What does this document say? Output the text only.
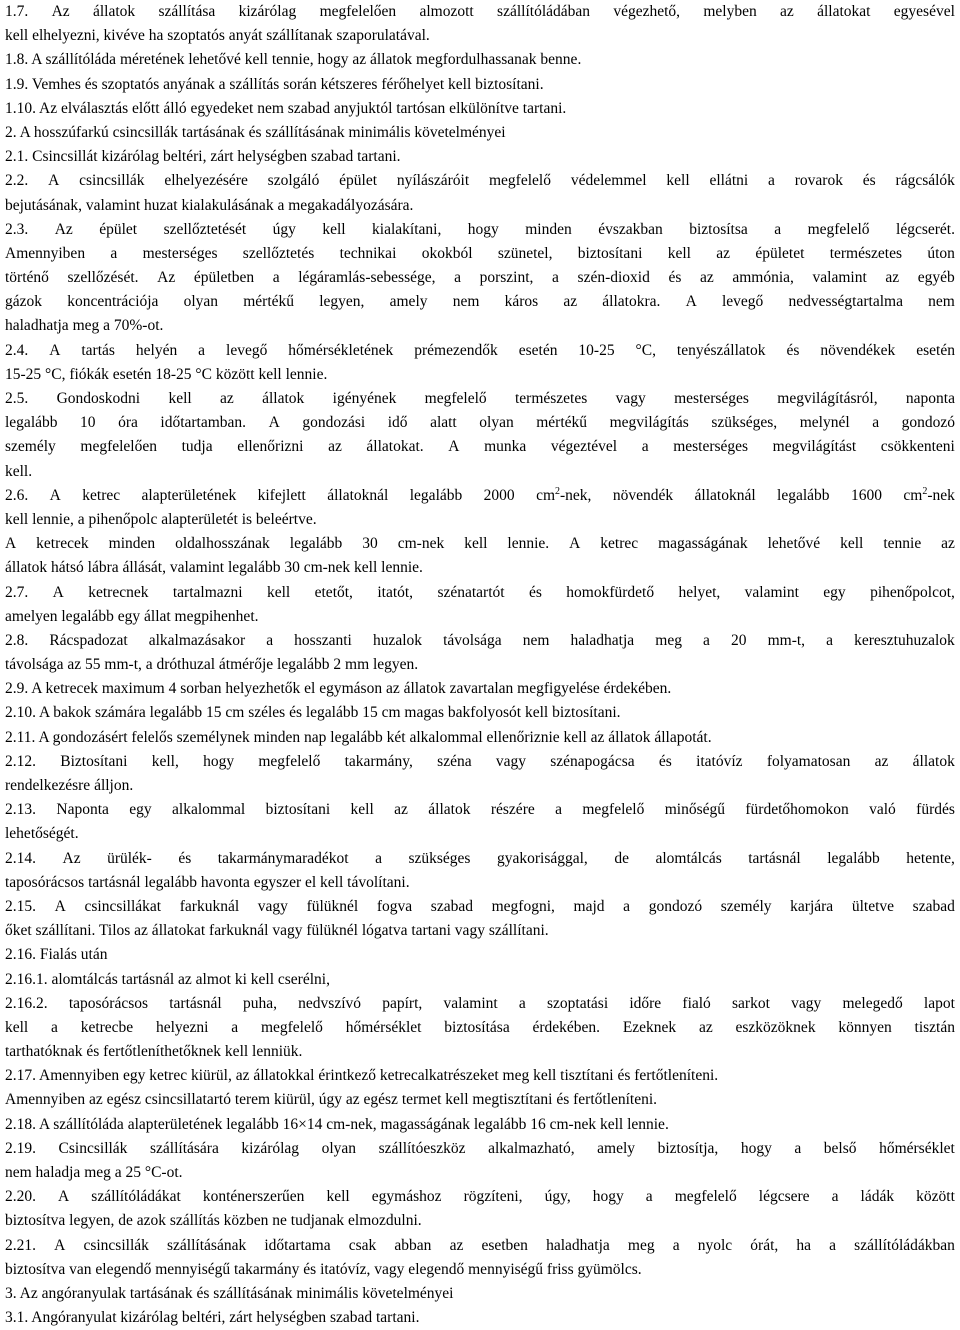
1.7. Az állatok szállítása kizárólag megfelelően almozott szállítóládában végezhető, melyben az állatokat egyesével
kell elhelyezni, kivéve ha szoptatós anyát szállítanak szaporulatával.
1.8. A szállítóláda méretének lehetővé kell tennie, hogy az állatok megfordulhassanak benne.
1.9. Vemhes és szoptatós anyának a szállítás során kétszeres férőhelyet kell biztosítani.
1.10. Az elválasztás előtt álló egyedeket nem szabad anyjuktól tartósan elkülönítve tartani.
2. A hosszúfarkú csincsillák tartásának és szállításának minimális követelményei
2.1. Csincsillát kizárólag beltéri, zárt helységben szabad tartani.
2.2. A csincsillák elhelyezésére szolgáló épület nyílászáróit megfelelő védelemmel kell ellátni a rovarok és rágcsálók
bejutásának, valamint huzat kialakulásának a megakadályozására.
2.3. Az épület szellőztetését úgy kell kialakítani, hogy minden évszakban biztosítsa a megfelelő légcserét.
Amennyiben a mesterséges szellőztetés technikai okokból szünetel, biztosítani kell az épületet természetes úton
történő szellőzését. Az épületben a légáramlás-sebessége, a porszint, a szén-dioxid és az ammónia, valamint az egyéb
gázok koncentrációja olyan mértékű legyen, amely nem káros az állatokra. A levegő nedvességtartalma nem
haladhatja meg a 70%-ot.
2.4. A tartás helyén a levegő hőmérsékletének prémezendők esetén 10-25 °C, tenyészállatok és növendékek esetén
15-25 °C, fiókák esetén 18-25 °C között kell lennie.
2.5. Gondoskodni kell az állatok igényének megfelelő természetes vagy mesterséges megvilágításról, naponta
legalább 10 óra időtartamban. A gondozási idő alatt olyan mértékű megvilágítás szükséges, melynél a gondozó
személy megfelelően tudja ellenőrizni az állatokat. A munka végeztével a mesterséges megvilágítást csökkenteni
kell.
2.6. A ketrec alapterületének kifejlett állatoknál legalább 2000 $cm^2$-nek, növendék állatoknál legalább 1600 $cm^2$-nek
kell lennie, a pihenőpolc alapterületét is beleértve.
A ketrecek minden oldalhosszának legalább 30 cm-nek kell lennie. A ketrec magasságának lehetővé kell tennie az
állatok hátsó lábra állását, valamint legalább 30 cm-nek kell lennie.
2.7. A ketrecnek tartalmazni kell etetőt, itatót, szénatartót és homokfürdető helyet, valamint egy pihenőpolcot,
amelyen legalább egy állat megpihenhet.
2.8. Rácspadozat alkalmazásakor a hosszanti huzalok távolsága nem haladhatja meg a 20 mm-t, a keresztuhuzalok
távolsága az 55 mm-t, a dróthuzal átmérője legalább 2 mm legyen.
2.9. A ketrecek maximum 4 sorban helyezhetők el egymáson az állatok zavartalan megfigyelése érdekében.
2.10. A bakok számára legalább 15 cm széles és legalább 15 cm magas bakfolyosót kell biztosítani.
2.11. A gondozásért felelős személynek minden nap legalább két alkalommal ellenőriznie kell az állatok állapotát.
2.12. Biztosítani kell, hogy megfelelő takarmány, széna vagy szénapogácsa és itatóvíz folyamatosan az állatok
rendelkezésre álljon.
2.13. Naponta egy alkalommal biztosítani kell az állatok részére a megfelelő minőségű fürdetőhomokon való fürdés
lehetőségét.
2.14. Az ürülék- és takarmánymaradékot a szükséges gyakorisággal, de alomtálcás tartásnál legalább hetente,
taposórácsos tartásnál legalább havonta egyszer el kell távolítani.
2.15. A csincsillákat farkuknál vagy fülüknél fogva szabad megfogni, majd a gondozó személy karjára ültetve szabad
őket szállítani. Tilos az állatokat farkuknál vagy fülüknél lógatva tartani vagy szállítani.
2.16. Fialás után
2.16.1. alomtálcás tartásnál az almot ki kell cserélni,
2.16.2. taposórácsos tartásnál puha, nedvszívó papírt, valamint a szoptatási időre fialó sarkot vagy melegedő lapot
kell a ketrecbe helyezni a megfelelő hőmérséklet biztosítása érdekében. Ezeknek az eszközöknek könnyen tisztán
tarthatóknak és fertőtleníthetőknek kell lenniük.
2.17. Amennyiben egy ketrec kiürül, az állatokkal érintkező ketrecalkatrészeket meg kell tisztítani és fertőtleníteni.
Amennyiben az egész csincsillatartó terem kiürül, úgy az egész termet kell megtisztítani és fertőtleníteni.
2.18. A szállítóláda alapterületének legalább 16×14 cm-nek, magasságának legalább 16 cm-nek kell lennie.
2.19. Csincsillák szállítására kizárólag olyan szállítóeszköz alkalmazható, amely biztosítja, hogy a belső hőmérséklet
nem haladja meg a 25 °C-ot.
2.20. A szállítóládákat konténerszerűen kell egymáshoz rögzíteni, úgy, hogy a megfelelő légcsere a ládák között
biztosítva legyen, de azok szállítás közben ne tudjanak elmozdulni.
2.21. A csincsillák szállításának időtartama csak abban az esetben haladhatja meg a nyolc órát, ha a szállítóládákban
biztosítva van elegendő mennyiségű takarmány és itatóvíz, vagy elegendő mennyiségű friss gyümölcs.
3. Az angóranyulak tartásának és szállításának minimális követelményei
3.1. Angóranyulat kizárólag beltéri, zárt helységben szabad tartani.
